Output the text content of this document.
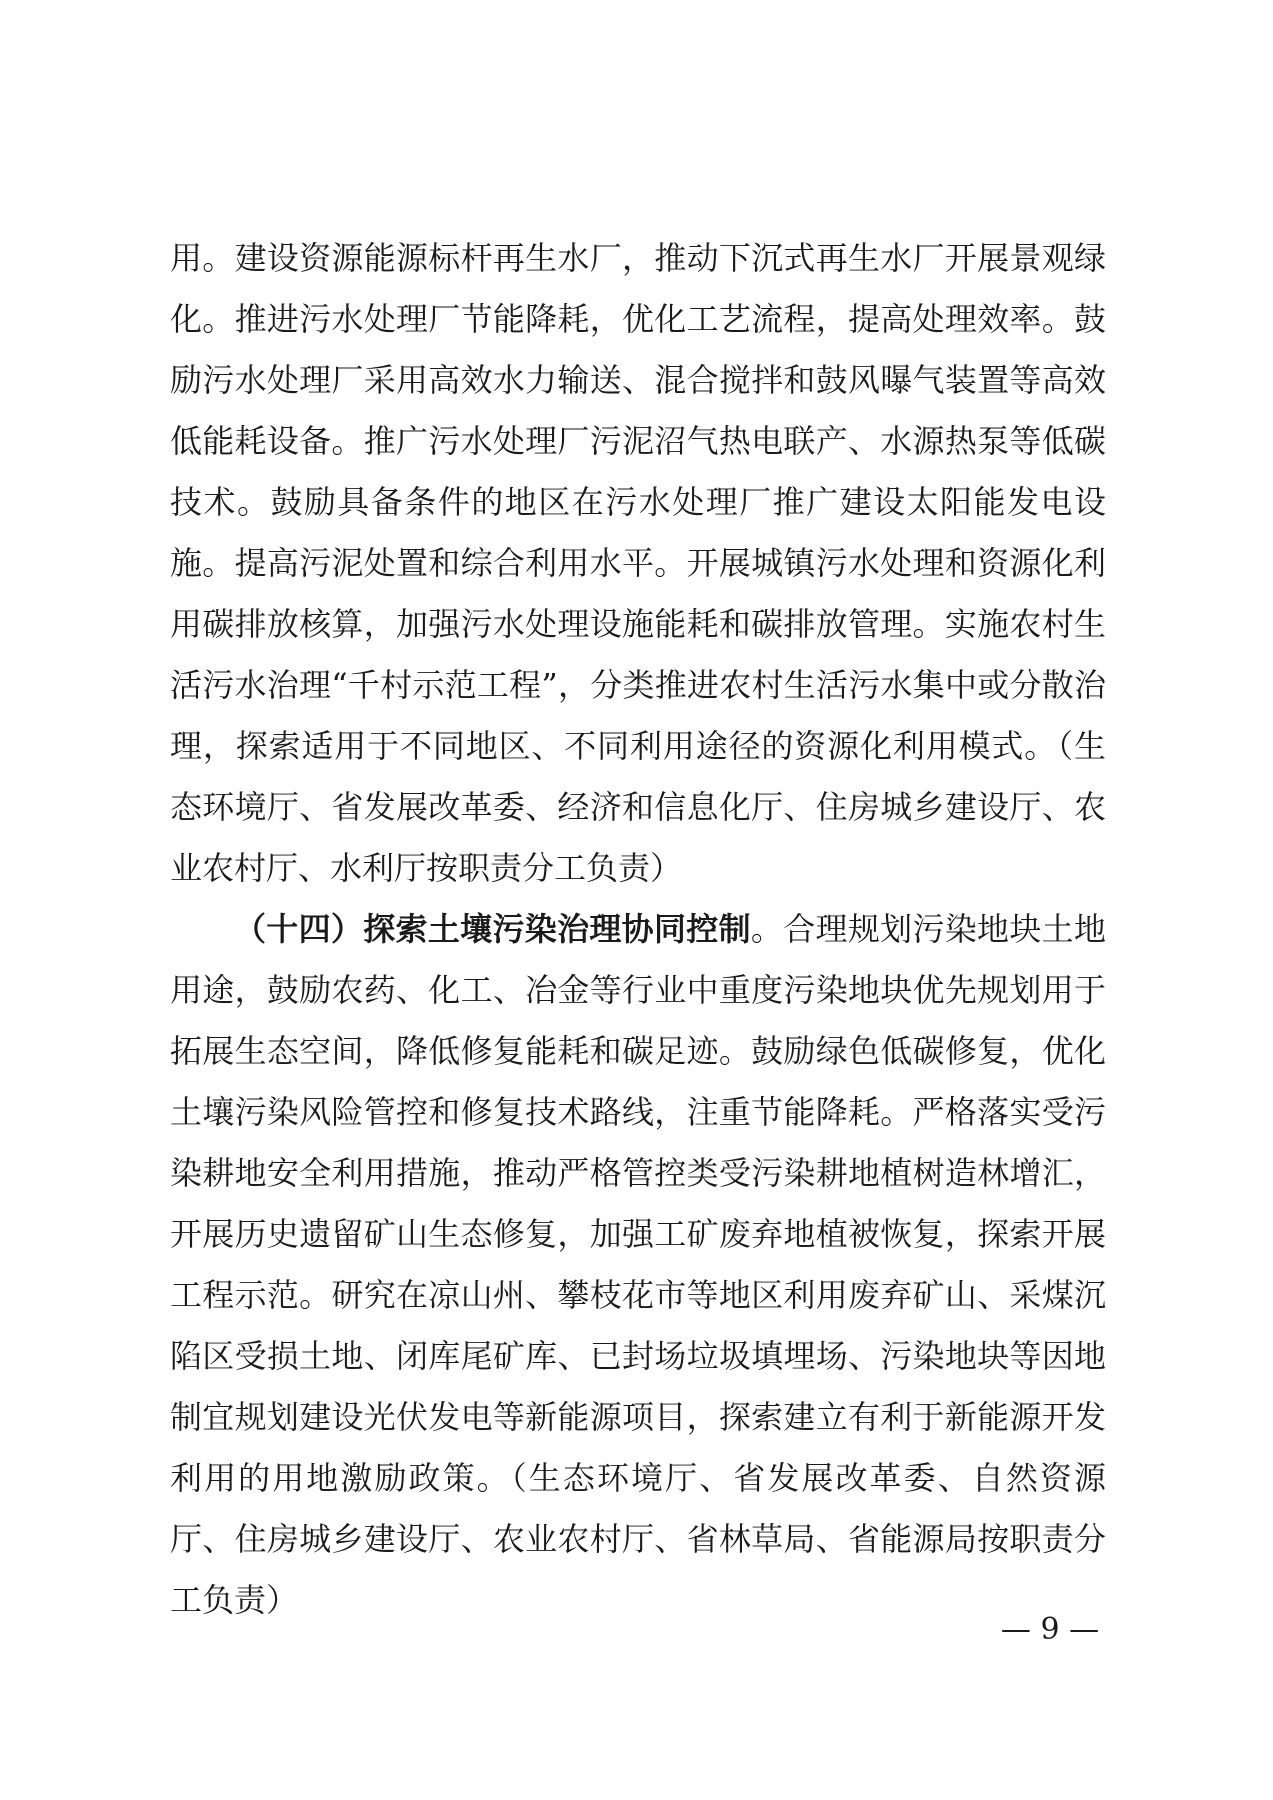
用。建设资源能源标杆再生水厂，推动下沉式再生水厂开展景观绿化。推进污水处理厂节能降耗，优化工艺流程，提高处理效率。鼓励污水处理厂采用高效水力输送、混合搅拌和鼓风曝气装置等高效低能耗设备。推广污水处理厂污泥沼气热电联产、水源热泵等低碳技术。鼓励具备条件的地区在污水处理厂推广建设太阳能发电设施。提高污泥处置和综合利用水平。开展城镇污水处理和资源化利用碳排放核算，加强污水处理设施能耗和碳排放管理。实施农村生活污水治理“千村示范工程”，分类推进农村生活污水集中或分散治理，探索适用于不同地区、不同利用途径的资源化利用模式。（生态环境厅、省发展改革委、经济和信息化厅、住房城乡建设厅、农业农村厅、水利厅按职责分工负责）

（十四）探索土壤污染治理协同控制。合理规划污染地块土地用途，鼓励农药、化工、冶金等行业中重度污染地块优先规划用于拓展生态空间，降低修复能耗和碳足迹。鼓励绿色低碳修复，优化土壤污染风险管控和修复技术路线，注重节能降耗。严格落实受污染耕地安全利用措施，推动严格管控类受污染耕地植树造林增汇，开展历史遗留矿山生态修复，加强工矿废弃地植被恢复，探索开展工程示范。研究在凉山州、攀枝花市等地区利用废弃矿山、采煤沉陷区受损土地、闭库尾矿库、已封场垃圾填埋场、污染地块等因地制宜规划建设光伏发电等新能源项目，探索建立有利于新能源开发利用的用地激励政策。（生态环境厅、省发展改革委、自然资源厅、住房城乡建设厅、农业农村厅、省林草局、省能源局按职责分工负责）

— 9 —
